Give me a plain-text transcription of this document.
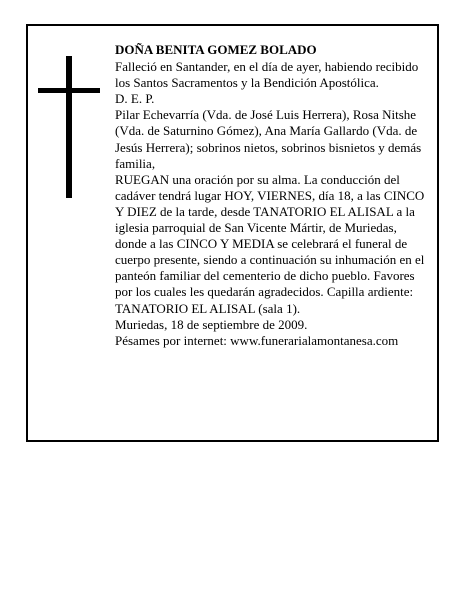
DOÑA BENITA GOMEZ BOLADO

Falleció en Santander, en el día de ayer, habiendo recibido los Santos Sacramentos y la Bendición Apostólica.

D. E. P.

Pilar Echevarría (Vda. de José Luis Herrera), Rosa Nitshe (Vda. de Saturnino Gómez), Ana María Gallardo (Vda. de Jesús Herrera); sobrinos nietos, sobrinos bisnietos y demás familia,

RUEGAN una oración por su alma. La conducción del cadáver tendrá lugar HOY, VIERNES, día 18, a las CINCO Y DIEZ de la tarde, desde TANATORIO EL ALISAL a la iglesia parroquial de San Vicente Mártir, de Muriedas, donde a las CINCO Y MEDIA se celebrará el funeral de cuerpo presente, siendo a continuación su inhumación en el panteón familiar del cementerio de dicho pueblo. Favores por los cuales les quedarán agradecidos. Capilla ardiente: TANATORIO EL ALISAL (sala 1).

Muriedas, 18 de septiembre de 2009.

Pésames por internet: www.funerarialamontanesa.com
